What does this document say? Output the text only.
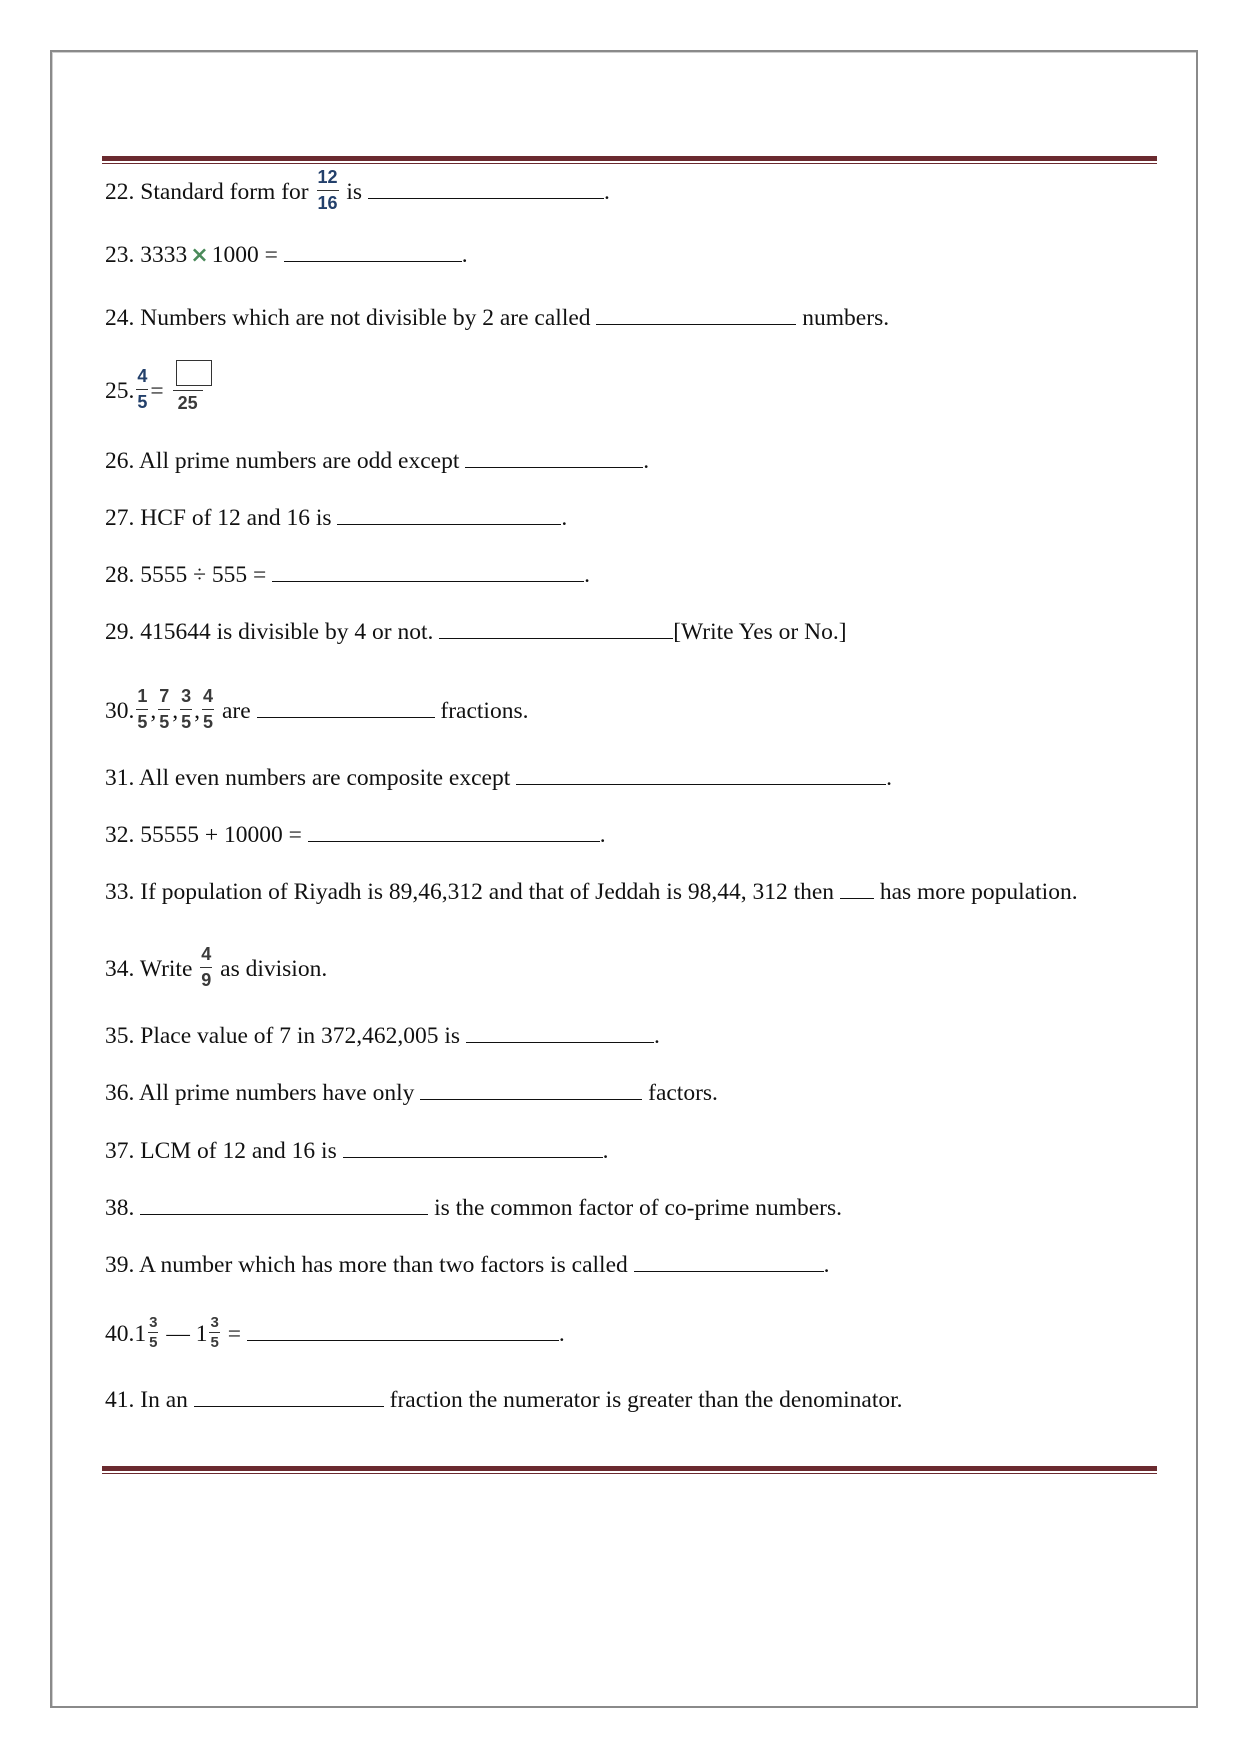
22. Standard form for $\frac{12}{16}$ is	.
23. 3333 × 1000 =	.
24. Numbers which are not divisible by 2 are called	numbers.
25. $\frac{4}{5} = 25$
26. All prime numbers are odd except	.
27. HCF of 12 and 16 is	.
28. 5555 ÷ 555 =	.
29. 415644 is divisible by 4 or not.	[Write Yes or No.]
30. $\frac{1}{5}$ , $\frac{7}{5}$ , $\frac{3}{5}$ , $\frac{4}{5}$ are	fractions.
31. All even numbers are composite except	.
32. 55555 + 10000 =	.
33. If population of Riyadh is 89,46,312 and that of Jeddah is 98,44, 312 then has more population.
34. Write $\frac{4}{9}$ as division.
35. Place value of 7 in 372,462,005 is	.
36. All prime numbers have only	factors.
37. LCM of 12 and 16 is	.
38.	is the common factor of co-prime numbers.
39. A number which has more than two factors is called	.
$40.1 \frac{3}{5}$ — $1 \frac{3}{5}$ =	.
41. In an	fraction the numerator is greater than the denominator.
